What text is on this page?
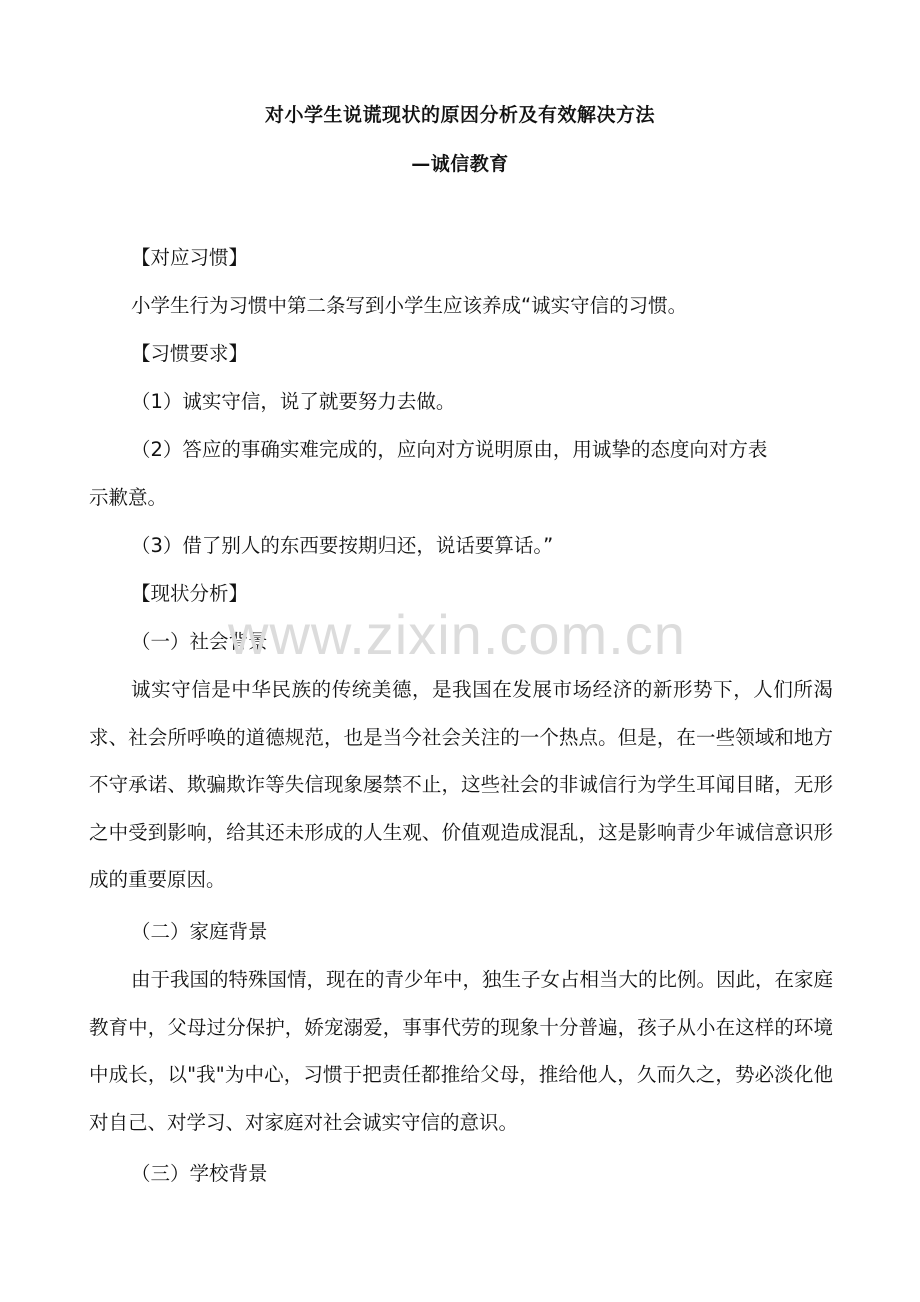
对小学生说谎现状的原因分析及有效解决方法
—诚信教育
【对应习惯】
小学生行为习惯中第二条写到小学生应该养成“诚实守信的习惯。
【习惯要求】
（1）诚实守信，说了就要努力去做。
（2）答应的事确实难完成的，应向对方说明原由，用诚挚的态度向对方表
示歉意。
（3）借了别人的东西要按期归还，说话要算话。”
【现状分析】
（一）社会背景
诚实守信是中华民族的传统美德，是我国在发展市场经济的新形势下，人们所渴求、社会所呼唤的道德规范，也是当今社会关注的一个热点。但是，在一些领域和地方不守承诺、欺骗欺诈等失信现象屡禁不止，这些社会的非诚信行为学生耳闻目睹，无形之中受到影响，给其还未形成的人生观、价值观造成混乱，这是影响青少年诚信意识形成的重要原因。
（二）家庭背景
由于我国的特殊国情，现在的青少年中，独生子女占相当大的比例。因此，在家庭教育中，父母过分保护，娇宠溺爱，事事代劳的现象十分普遍，孩子从小在这样的环境中成长，以"我"为中心，习惯于把责任都推给父母，推给他人，久而久之，势必淡化他对自己、对学习、对家庭对社会诚实守信的意识。
（三）学校背景
www.zixin.com.cn
